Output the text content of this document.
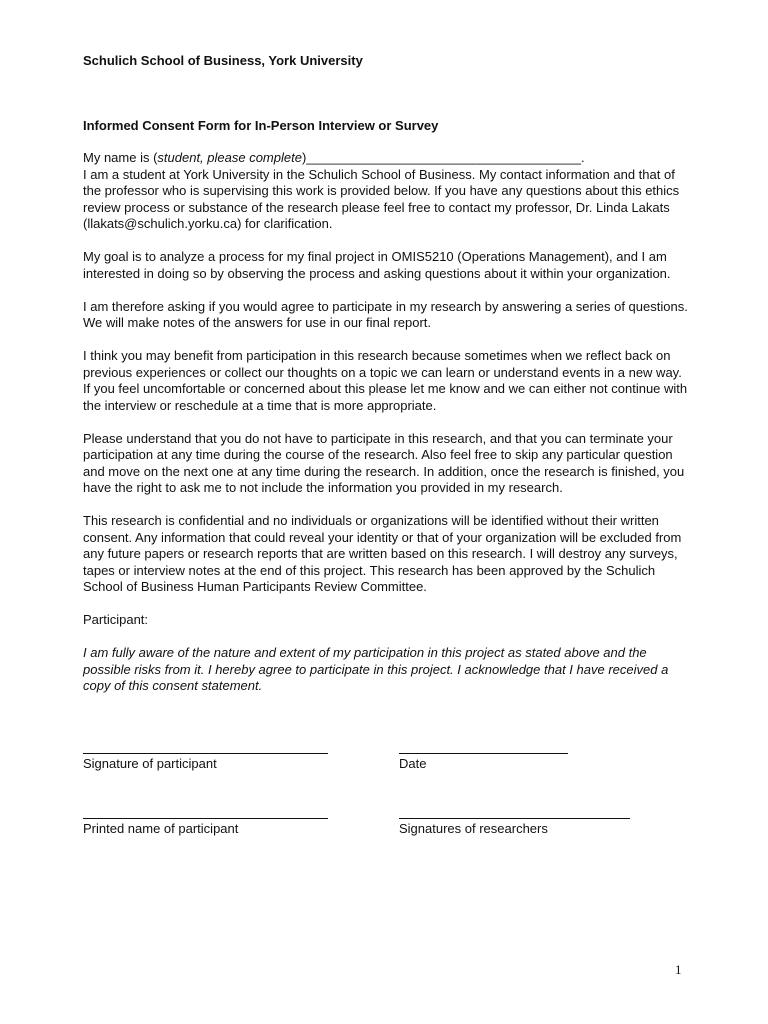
Schulich School of Business, York University
Informed Consent Form for In-Person Interview or Survey

My name is (student, please complete)______________________________________.
I am a student at York University in the Schulich School of Business. My contact information and that of the professor who is supervising this work is provided below. If you have any questions about this ethics review process or substance of the research please feel free to contact my professor, Dr. Linda Lakats (llakats@schulich.yorku.ca) for clarification.

My goal is to analyze a process for my final project in OMIS5210 (Operations Management), and I am interested in doing so by observing the process and asking questions about it within your organization.

I am therefore asking if you would agree to participate in my research by answering a series of questions. We will make notes of the answers for use in our final report.

I think you may benefit from participation in this research because sometimes when we reflect back on previous experiences or collect our thoughts on a topic we can learn or understand events in a new way. If you feel uncomfortable or concerned about this please let me know and we can either not continue with the interview or reschedule at a time that is more appropriate.

Please understand that you do not have to participate in this research, and that you can terminate your participation at any time during the course of the research. Also feel free to skip any particular question and move on the next one at any time during the research. In addition, once the research is finished, you have the right to ask me to not include the information you provided in my research.

This research is confidential and no individuals or organizations will be identified without their written consent. Any information that could reveal your identity or that of your organization will be excluded from any future papers or research reports that are written based on this research. I will destroy any surveys, tapes or interview notes at the end of this project. This research has been approved by the Schulich School of Business Human Participants Review Committee.

Participant:

I am fully aware of the nature and extent of my participation in this project as stated above and the possible risks from it. I hereby agree to participate in this project. I acknowledge that I have received a copy of this consent statement.

Signature of participant	Date
Printed name of participant	Signatures of researchers
1
